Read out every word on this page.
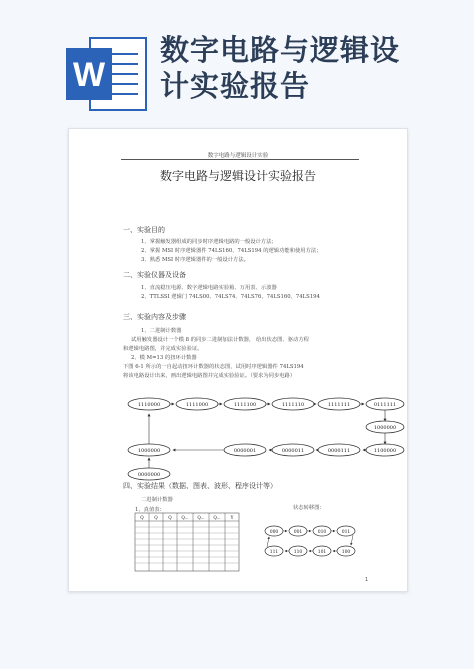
W
数字电路与逻辑设
计实验报告
数字电路与逻辑设计实验
数字电路与逻辑设计实验报告
一、实验目的
1、掌握触发器组成的同步时序逻辑电路的一般设计方法；
2、掌握 MSI 时序逻辑器件 74LS160、74LS194 的逻辑功能和使用方法；
3、熟悉 MSI 时序逻辑器件的一般设计方法。
二、实验仪器及设备
1、直流稳压电源、数字逻辑电路实验箱、万用表、示波器
2、TTLSSI 逻辑门 74LS00、74LS74、74LS76、74LS160、74LS194
三、实验内容及步骤
1、二进制计数器
试用触发器设计一个模 8 的同步二进制加法计数器， 给出状态图、驱动方程
和逻辑电路图，并完成实验验证。
2、模 M=13 的扭环计数器
下图 6-1 所示的一自起动扭环计数器的状态图，试用时序逻辑器件 74LS194
将该电路设计出来，画出逻辑电路图并完成实验验证。（要求为同步电路）
1110000	1111000	1111100	1111110	1111111	0111111
1000000
1000000	0000001	0000011	0000111	1100000
0000000
Q	Q	Q Q... Q... Q... Y
000	001	010	011
111	110	101	100
四、实验结果（数据、图表、波形、程序设计等）
二进制计数器
1、真值表：	状态转移图：
1
